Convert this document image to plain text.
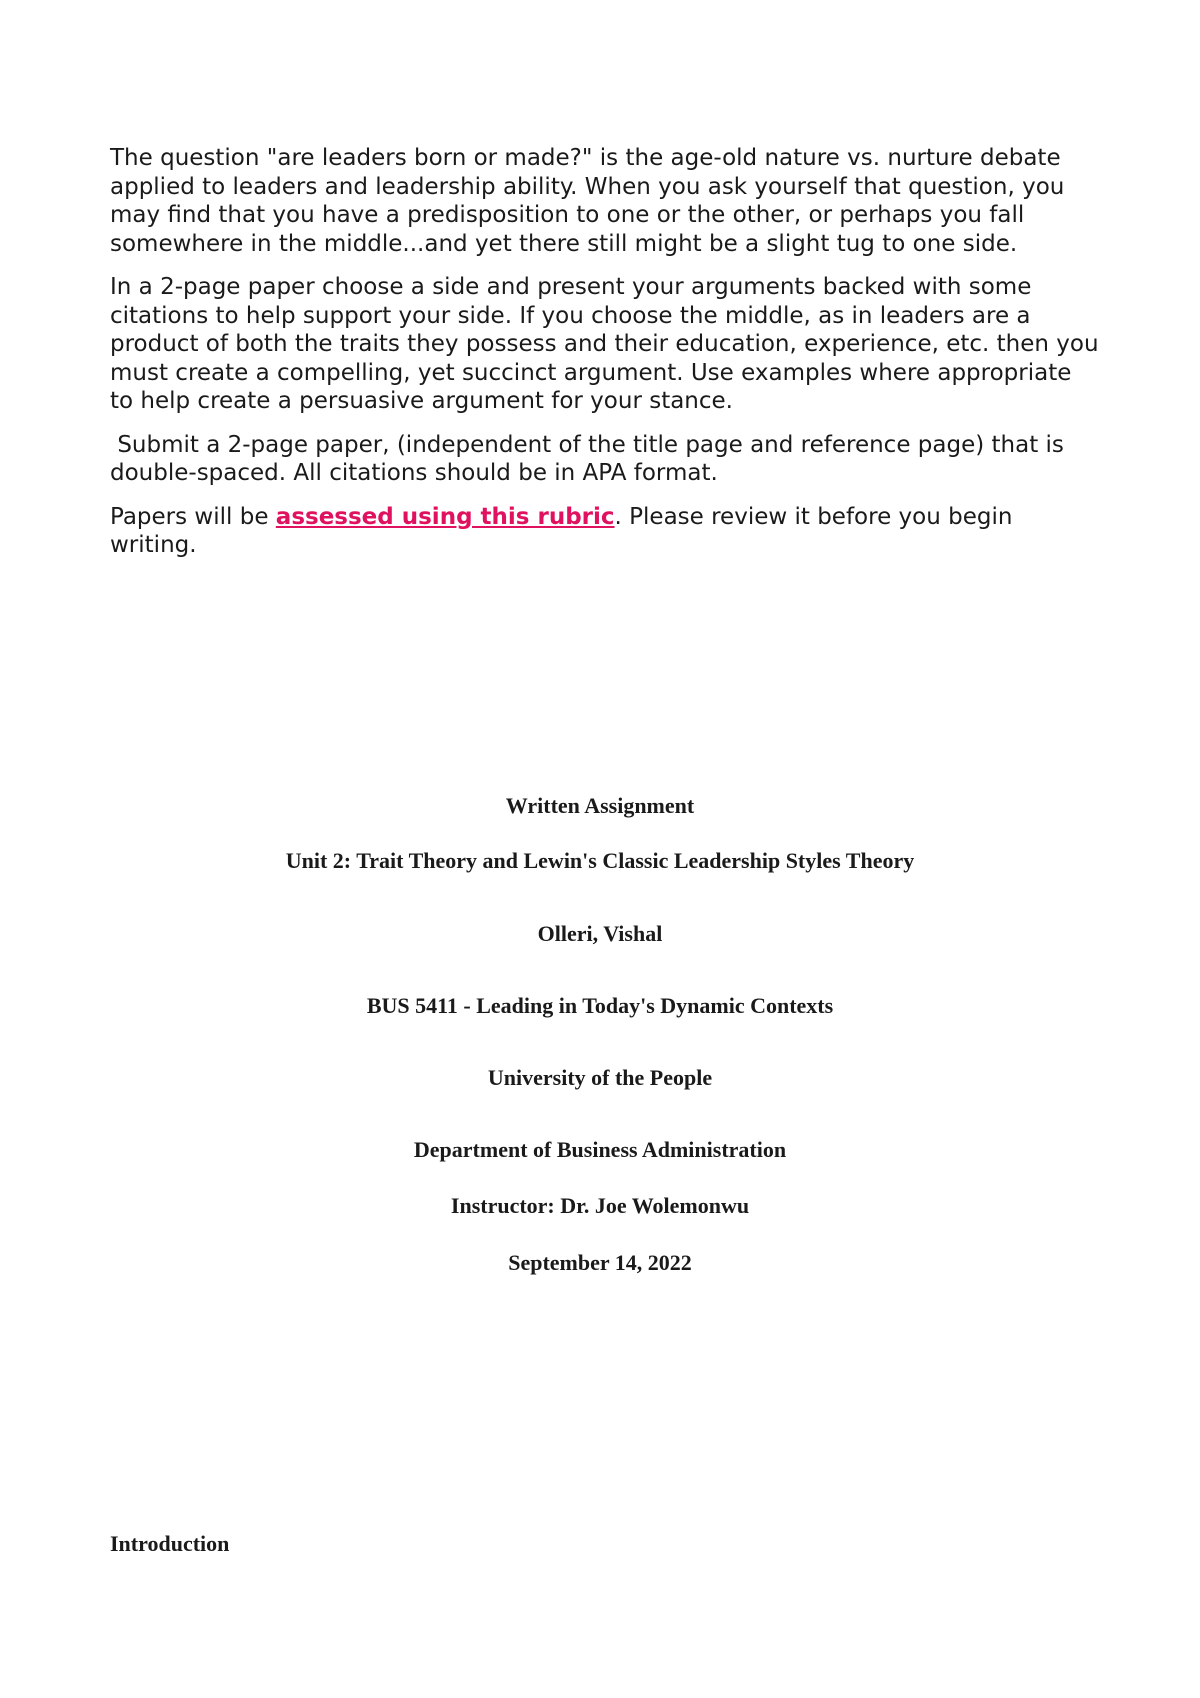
The question "are leaders born or made?" is the age-old nature vs. nurture debate applied to leaders and leadership ability. When you ask yourself that question, you may find that you have a predisposition to one or the other, or perhaps you fall somewhere in the middle...and yet there still might be a slight tug to one side.

In a 2-page paper choose a side and present your arguments backed with some citations to help support your side. If you choose the middle, as in leaders are a product of both the traits they possess and their education, experience, etc. then you must create a compelling, yet succinct argument. Use examples where appropriate to help create a persuasive argument for your stance.

Submit a 2-page paper, (independent of the title page and reference page) that is double-spaced. All citations should be in APA format.

Papers will be assessed using this rubric. Please review it before you begin writing.

Written Assignment
Unit 2: Trait Theory and Lewin's Classic Leadership Styles Theory
Olleri, Vishal
BUS 5411 - Leading in Today's Dynamic Contexts
University of the People
Department of Business Administration
Instructor: Dr. Joe Wolemonwu
September 14, 2022
Introduction
